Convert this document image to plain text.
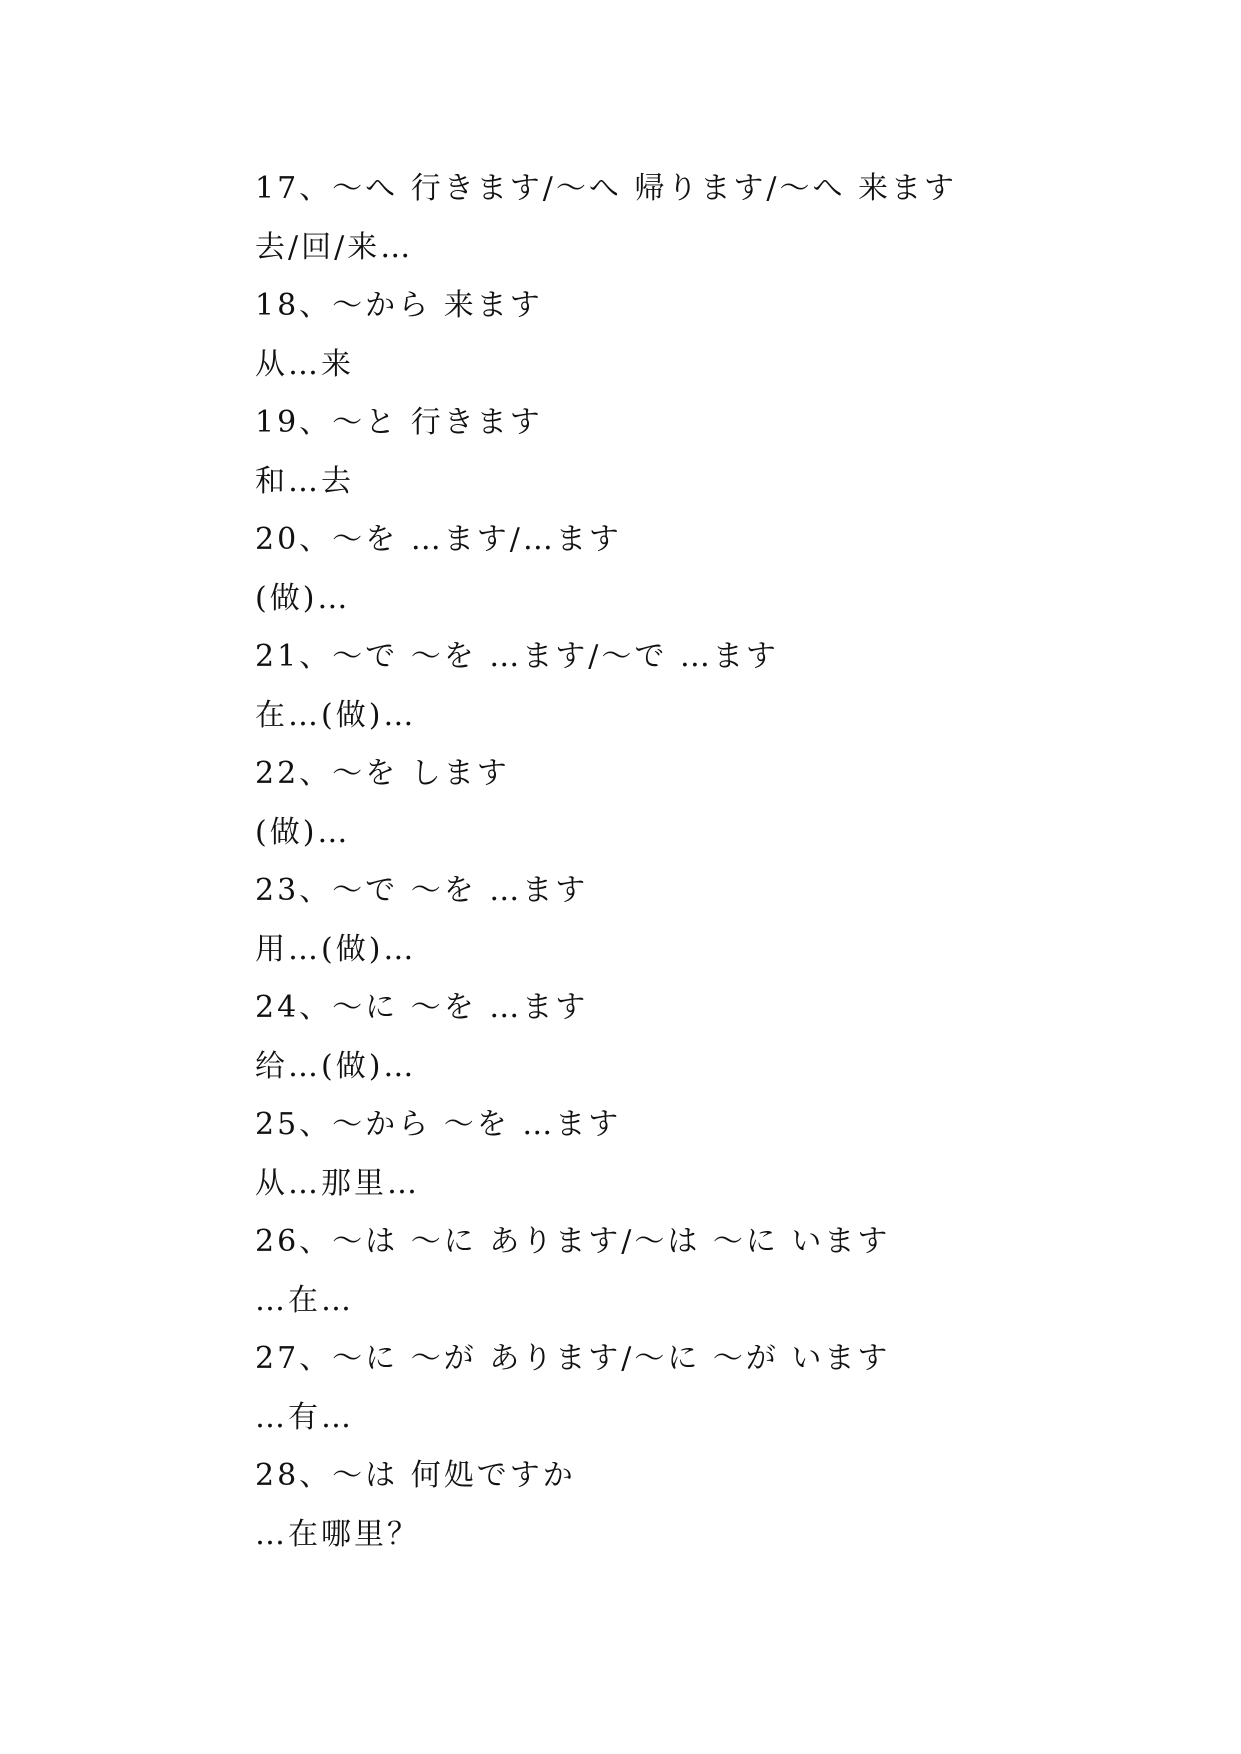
17、～へ 行きます/～へ 帰ります/～へ 来ます
去/回/来…
18、～から 来ます
从…来
19、～と 行きます
和…去
20、～を …ます/…ます
(做)…
21、～で ～を …ます/～で …ます
在…(做)…
22、～を します
(做)…
23、～で ～を …ます
用…(做)…
24、～に ～を …ます
给…(做)…
25、～から ～を …ます
从…那里…
26、～は ～に あります/～は ～に います
…在…
27、～に ～が あります/～に ～が います
…有…
28、～は 何処ですか
…在哪里？
